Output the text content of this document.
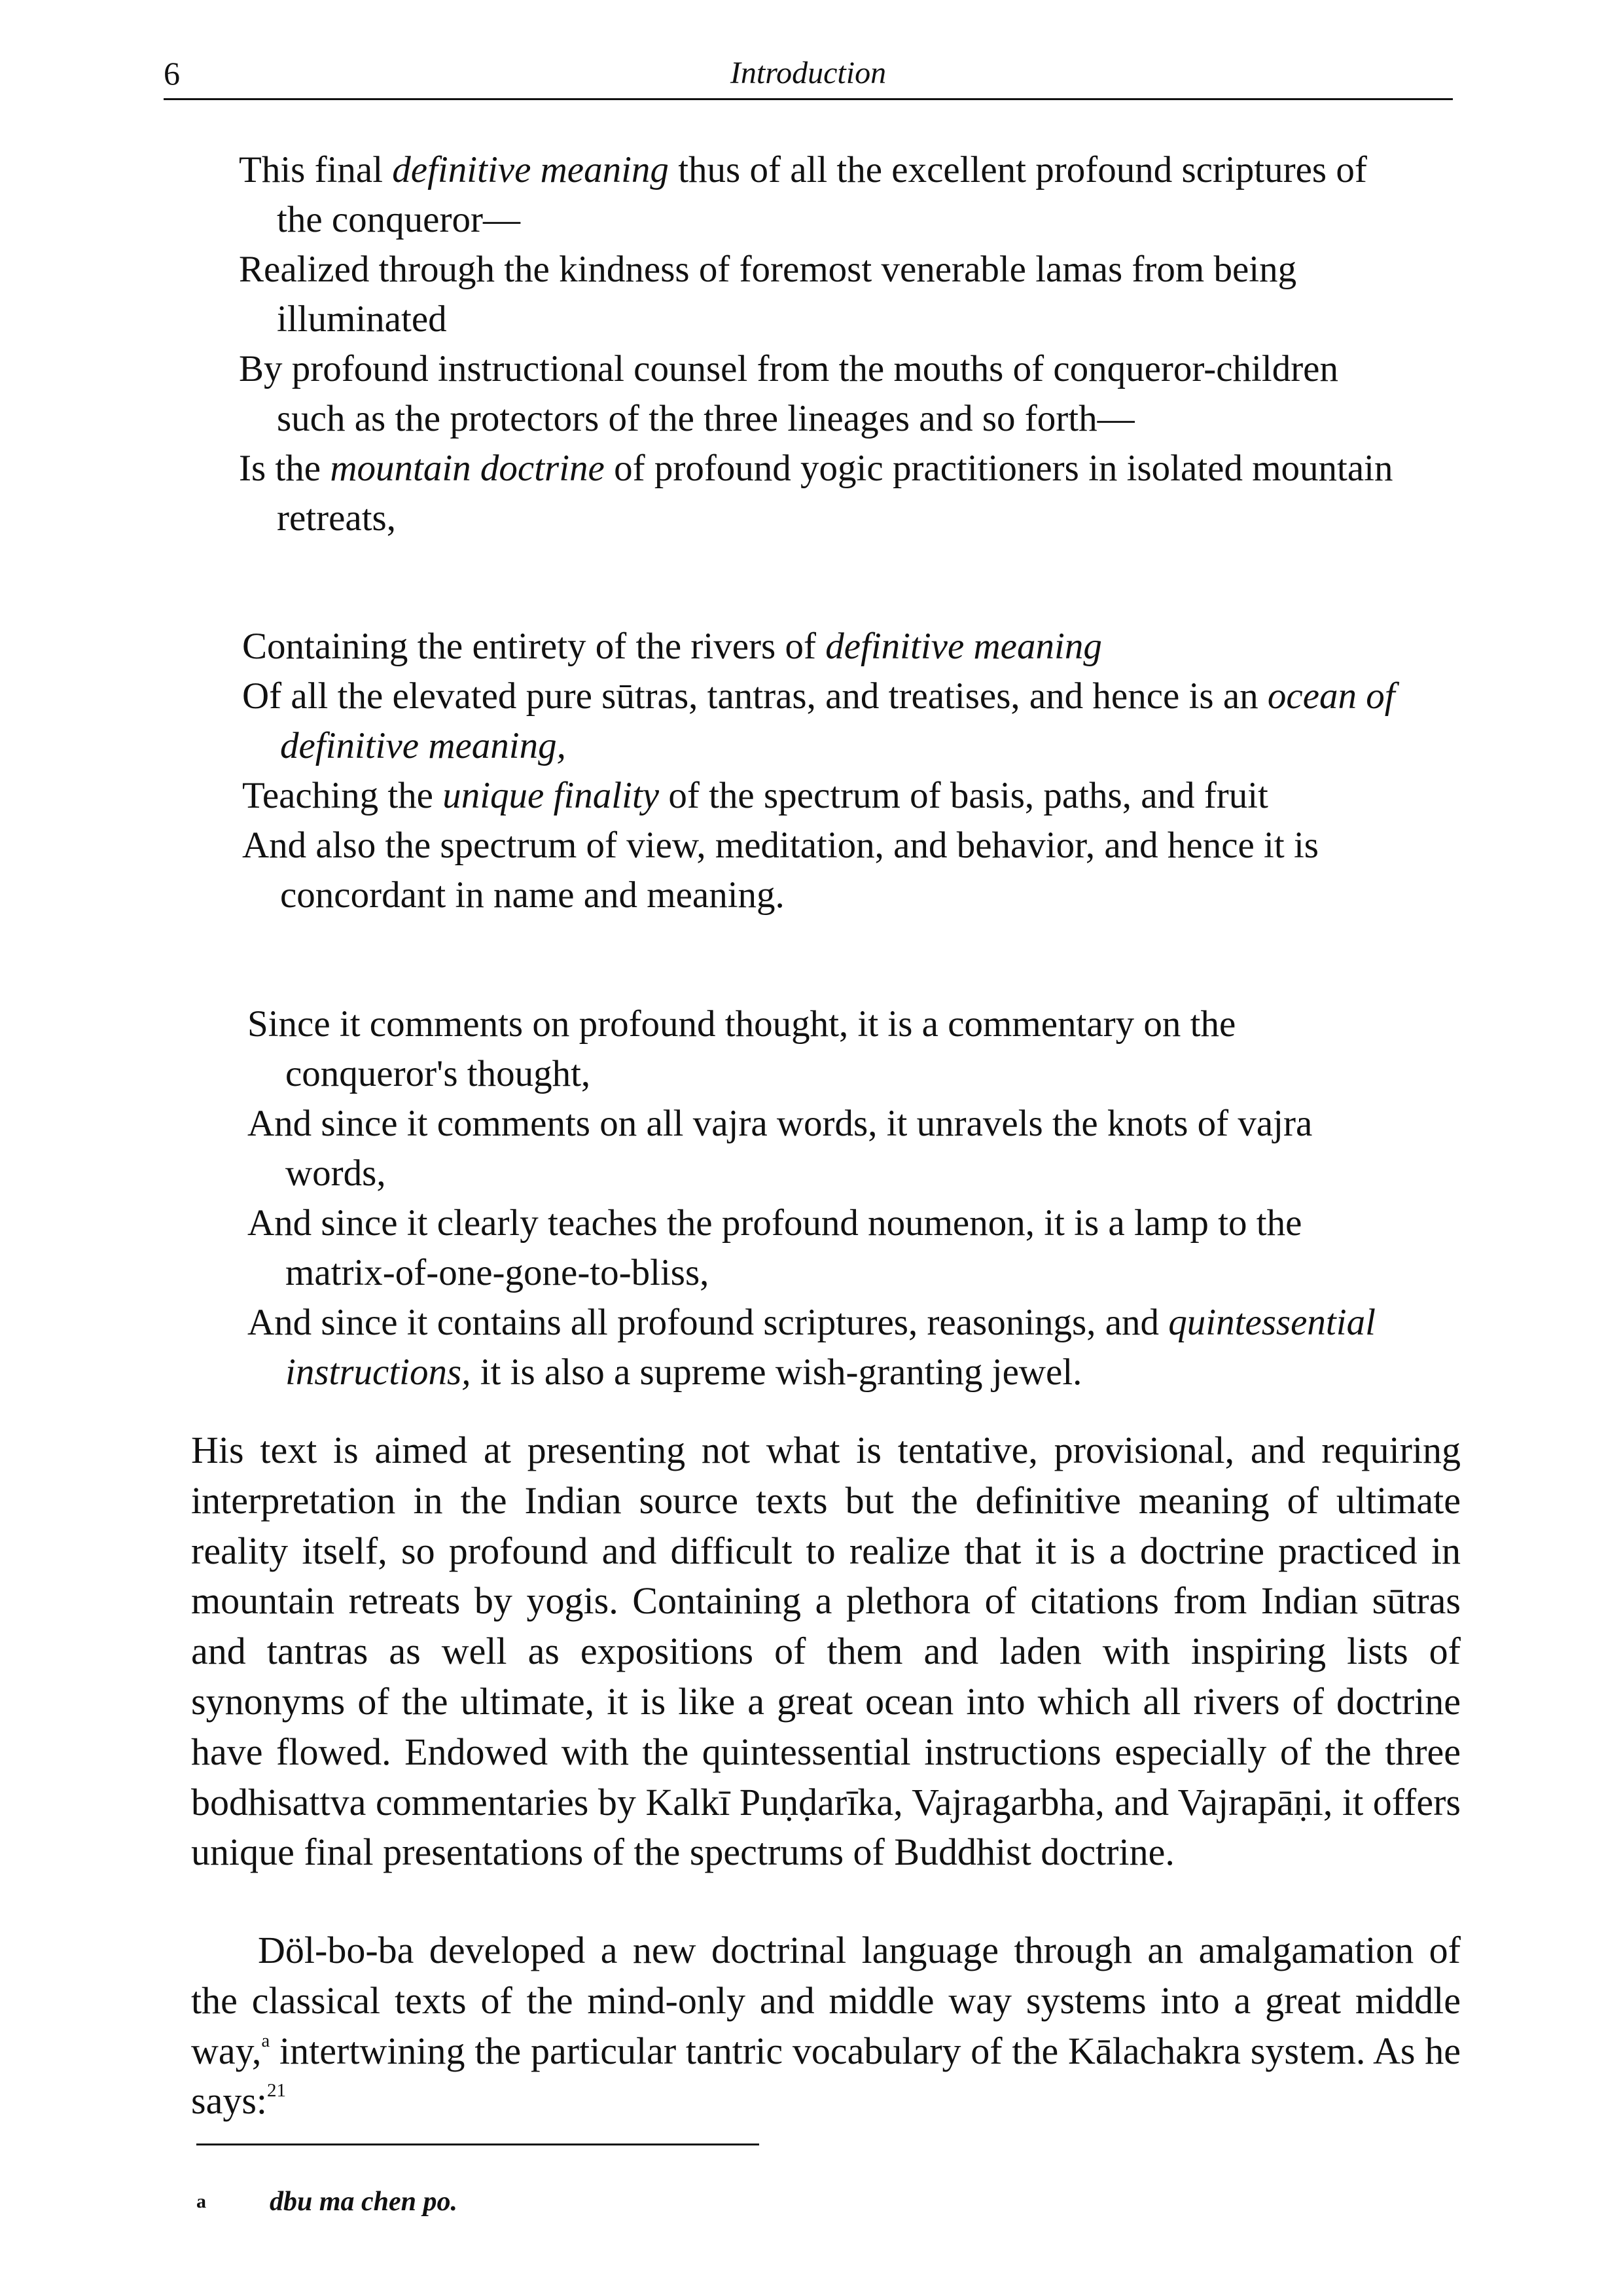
6	Introduction
This final definitive meaning thus of all the excellent profound scriptures of the conqueror—
Realized through the kindness of foremost venerable lamas from being illuminated
By profound instructional counsel from the mouths of conqueror-children such as the protectors of the three lineages and so forth—
Is the mountain doctrine of profound yogic practitioners in isolated mountain retreats,
Containing the entirety of the rivers of definitive meaning
Of all the elevated pure sūtras, tantras, and treatises, and hence is an ocean of definitive meaning,
Teaching the unique finality of the spectrum of basis, paths, and fruit
And also the spectrum of view, meditation, and behavior, and hence it is concordant in name and meaning.
Since it comments on profound thought, it is a commentary on the conqueror's thought,
And since it comments on all vajra words, it unravels the knots of vajra words,
And since it clearly teaches the profound noumenon, it is a lamp to the matrix-of-one-gone-to-bliss,
And since it contains all profound scriptures, reasonings, and quintessential instructions, it is also a supreme wish-granting jewel.

His text is aimed at presenting not what is tentative, provisional, and requiring interpretation in the Indian source texts but the definitive meaning of ultimate reality itself, so profound and difficult to realize that it is a doctrine practiced in mountain retreats by yogis. Containing a plethora of citations from Indian sūtras and tantras as well as expositions of them and laden with inspiring lists of synonyms of the ultimate, it is like a great ocean into which all rivers of doctrine have flowed. Endowed with the quintessential instructions especially of the three bodhisattva commentaries by Kalkī Puṇḍarīka, Vajragarbha, and Vajrapāṇi, it offers unique final presentations of the spectrums of Buddhist doctrine.

Döl-bo-ba developed a new doctrinal language through an amalgamation of the classical texts of the mind-only and middle way systems into a great middle way,$^a$ intertwining the particular tantric vocabulary of the Kālachakra system. As he says:$^{21}$

a dbu ma chen po.
